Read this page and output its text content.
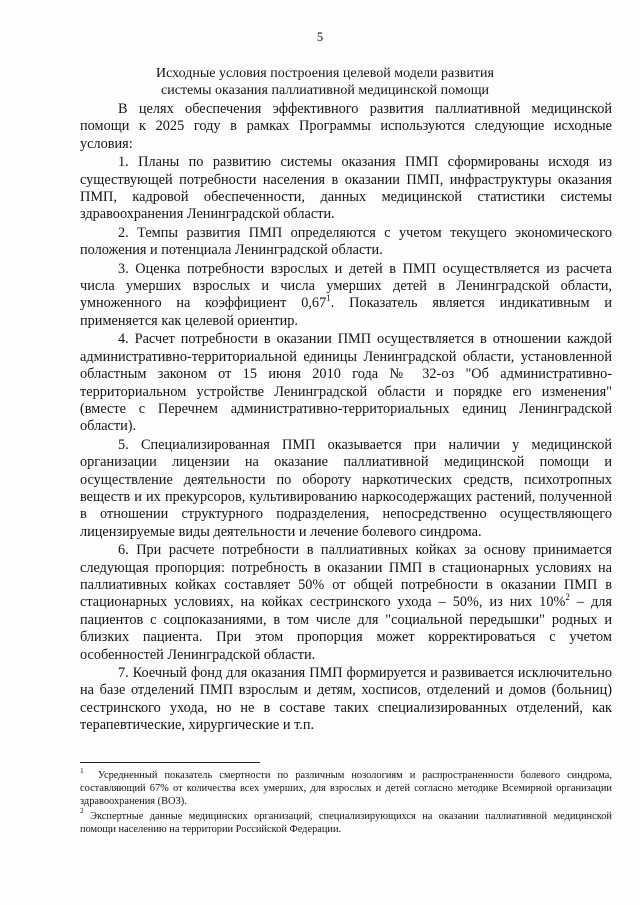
5
Исходные условия построения целевой модели развития
системы оказания паллиативной медицинской помощи

В целях обеспечения эффективного развития паллиативной медицинской помощи к 2025 году в рамках Программы используются следующие исходные условия:

1. Планы по развитию системы оказания ПМП сформированы исходя из существующей потребности населения в оказании ПМП, инфраструктуры оказания ПМП, кадровой обеспеченности, данных медицинской статистики системы здравоохранения Ленинградской области.

2. Темпы развития ПМП определяются с учетом текущего экономического положения и потенциала Ленинградской области.

3. Оценка потребности взрослых и детей в ПМП осуществляется из расчета числа умерших взрослых и числа умерших детей в Ленинградской области, умноженного на коэффициент 0,67$^1$. Показатель является индикативным и применяется как целевой ориентир.

4. Расчет потребности в оказании ПМП осуществляется в отношении каждой административно-территориальной единицы Ленинградской области, установленной областным законом от 15 июня 2010 года № 32-оз "Об административно-территориальном устройстве Ленинградской области и порядке его изменения" (вместе с Перечнем административно-территориальных единиц Ленинградской области).

5. Специализированная ПМП оказывается при наличии у медицинской организации лицензии на оказание паллиативной медицинской помощи и осуществление деятельности по обороту наркотических средств, психотропных веществ и их прекурсоров, культивированию наркосодержащих растений, полученной в отношении структурного подразделения, непосредственно осуществляющего лицензируемые виды деятельности и лечение болевого синдрома.

6. При расчете потребности в паллиативных койках за основу принимается следующая пропорция: потребность в оказании ПМП в стационарных условиях на паллиативных койках составляет 50% от общей потребности в оказании ПМП в стационарных условиях, на койках сестринского ухода – 50%, из них 10%$^2$ – для пациентов с соцпоказаниями, в том числе для "социальной передышки" родных и близких пациента. При этом пропорция может корректироваться с учетом особенностей Ленинградской области.

7. Коечный фонд для оказания ПМП формируется и развивается исключительно на базе отделений ПМП взрослым и детям, хосписов, отделений и домов (больниц) сестринского ухода, но не в составе таких специализированных отделений, как терапевтические, хирургические и т.п.

$^1$ Усредненный показатель смертности по различным нозологиям и распространенности болевого синдрома, составляющий 67% от количества всех умерших, для взрослых и детей согласно методике Всемирной организации здравоохранения (ВОЗ).

$^2$ Экспертные данные медицинских организаций, специализирующихся на оказании паллиативной медицинской помощи населению на территории Российской Федерации.
